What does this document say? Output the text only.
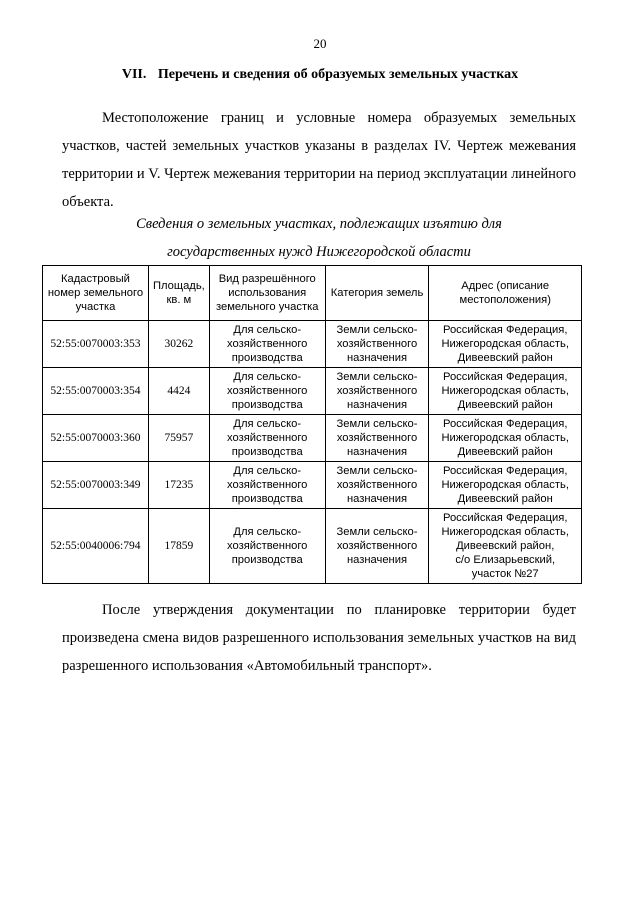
20
VII. Перечень и сведения об образуемых земельных участках

Местоположение границ и условные номера образуемых земельных участков, частей земельных участков указаны в разделах IV. Чертеж межевания территории и V. Чертеж межевания территории на период эксплуатации линейного объекта.

Сведения о земельных участках, подлежащих изъятию для
государственных нужд Нижегородской области
Кадастровый
номер земельного
участка	Площадь,
кв. м	Вид разрешённого
использования
земельного участка	Категория земель	Адрес (описание
местоположения)

52:55:0070003:353	30262	Для сельско-
хозяйственного
производства	Земли сельско-
хозяйственного
назначения	Российская Федерация,
Нижегородская область,
Дивеевский район

52:55:0070003:354	4424	Для сельско-
хозяйственного
производства	Земли сельско-
хозяйственного
назначения	Российская Федерация,
Нижегородская область,
Дивеевский район

52:55:0070003:360	75957	Для сельско-
хозяйственного
производства	Земли сельско-
хозяйственного
назначения	Российская Федерация,
Нижегородская область,
Дивеевский район

52:55:0070003:349	17235	Для сельско-
хозяйственного
производства	Земли сельско-
хозяйственного
назначения	Российская Федерация,
Нижегородская область,
Дивеевский район

52:55:0040006:794	17859	Для сельско-
хозяйственного
производства	Земли сельско-
хозяйственного
назначения	Российская Федерация,
Нижегородская область,
Дивеевский район,
с/о Елизарьевский,
участок №27

После утверждения документации по планировке территории будет произведена смена видов разрешенного использования земельных участков на вид разрешенного использования «Автомобильный транспорт».
